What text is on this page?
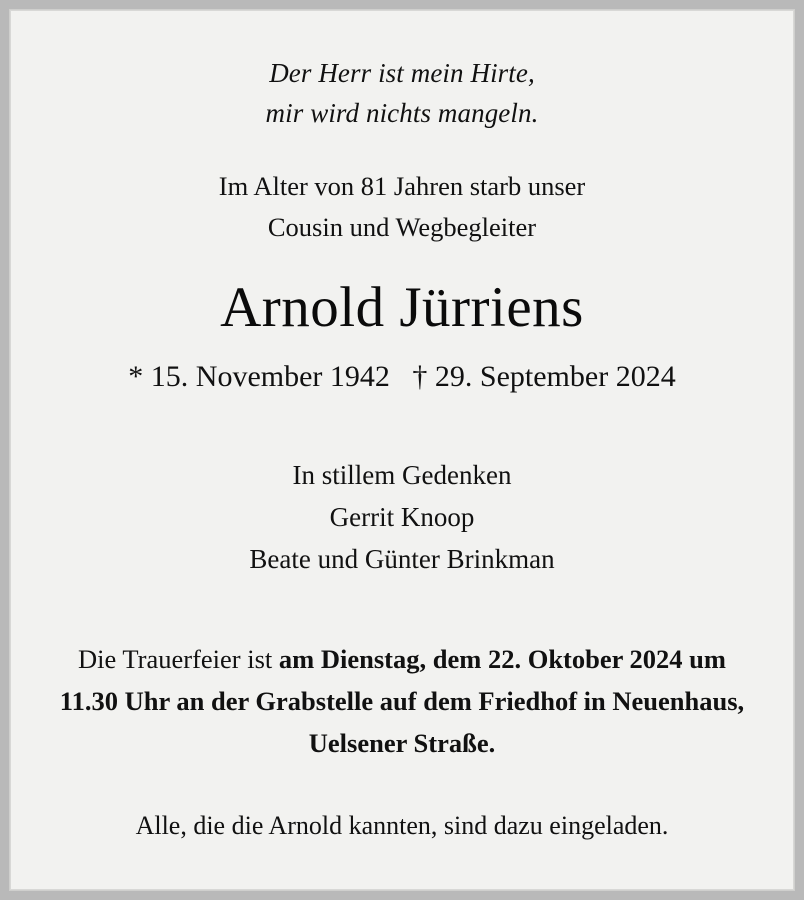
Der Herr ist mein Hirte,
mir wird nichts mangeln.
Im Alter von 81 Jahren starb unser
Cousin und Wegbegleiter
Arnold Jürriens
* 15. November 1942   † 29. September 2024
In stillem Gedenken
Gerrit Knoop
Beate und Günter Brinkman
Die Trauerfeier ist am Dienstag, dem 22. Oktober 2024 um 11.30 Uhr an der Grabstelle auf dem Friedhof in Neuenhaus, Uelsener Straße.
Alle, die die Arnold kannten, sind dazu eingeladen.
